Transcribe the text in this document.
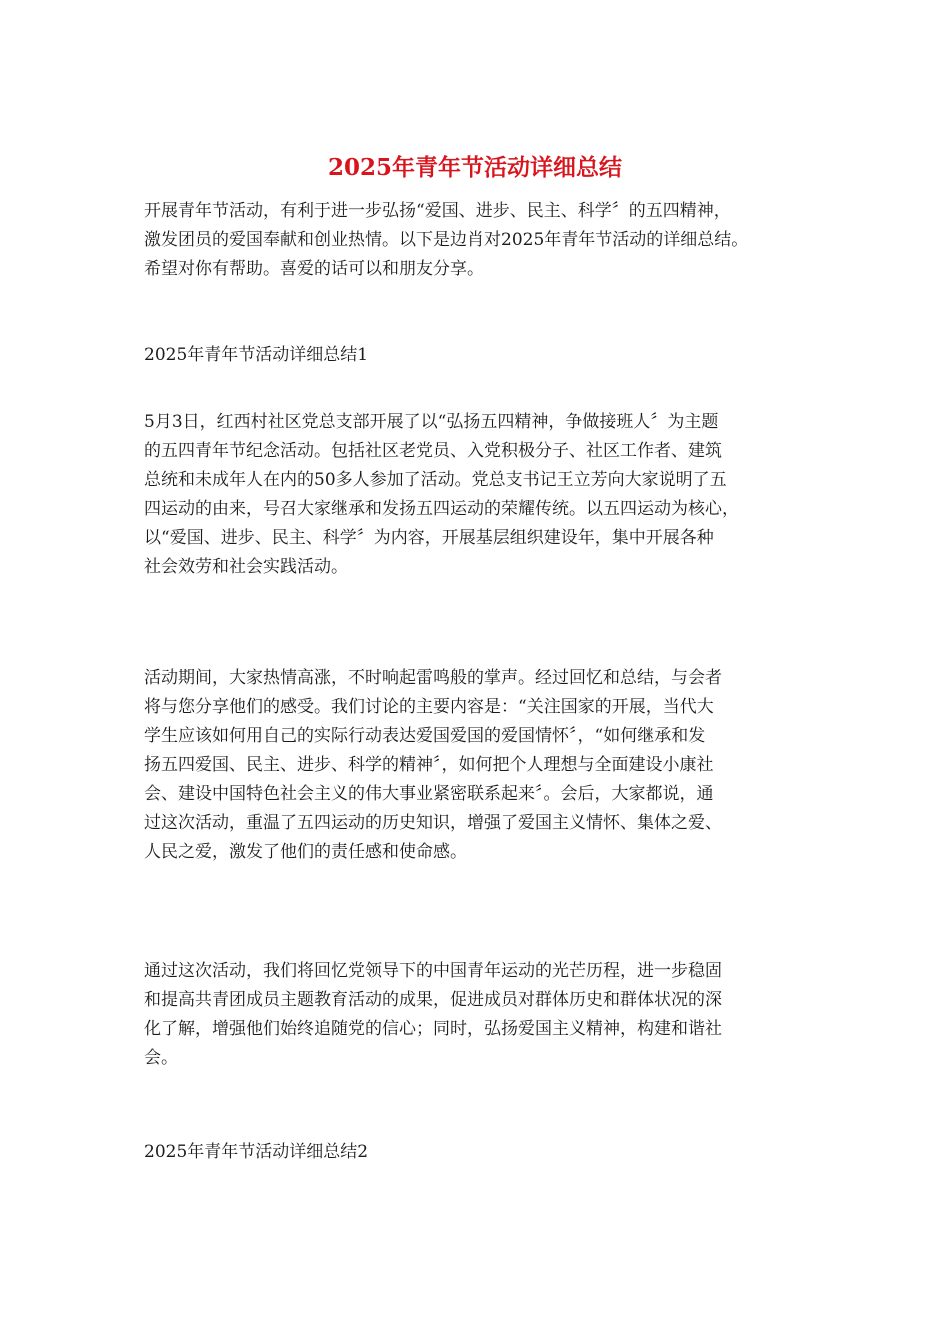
2025年青年节活动详细总结

开展青年节活动，有利于进一步弘扬“爱国、进步、民主、科学〞的五四精神，
激发团员的爱国奉献和创业热情。以下是边肖对2025年青年节活动的详细总结。
希望对你有帮助。喜爱的话可以和朋友分享。

2025年青年节活动详细总结1

5月3日，红西村社区党总支部开展了以“弘扬五四精神，争做接班人〞为主题
的五四青年节纪念活动。包括社区老党员、入党积极分子、社区工作者、建筑
总统和未成年人在内的50多人参加了活动。党总支书记王立芳向大家说明了五
四运动的由来，号召大家继承和发扬五四运动的荣耀传统。以五四运动为核心，
以“爱国、进步、民主、科学〞为内容，开展基层组织建设年，集中开展各种
社会效劳和社会实践活动。

活动期间，大家热情高涨，不时响起雷鸣般的掌声。经过回忆和总结，与会者
将与您分享他们的感受。我们讨论的主要内容是：“关注国家的开展，当代大
学生应该如何用自己的实际行动表达爱国爱国的爱国情怀〞，“如何继承和发
扬五四爱国、民主、进步、科学的精神〞，如何把个人理想与全面建设小康社
会、建设中国特色社会主义的伟大事业紧密联系起来〞。会后，大家都说，通
过这次活动，重温了五四运动的历史知识，增强了爱国主义情怀、集体之爱、
人民之爱，激发了他们的责任感和使命感。

通过这次活动，我们将回忆党领导下的中国青年运动的光芒历程，进一步稳固
和提高共青团成员主题教育活动的成果，促进成员对群体历史和群体状况的深
化了解，增强他们始终追随党的信心；同时，弘扬爱国主义精神，构建和谐社
会。

2025年青年节活动详细总结2
